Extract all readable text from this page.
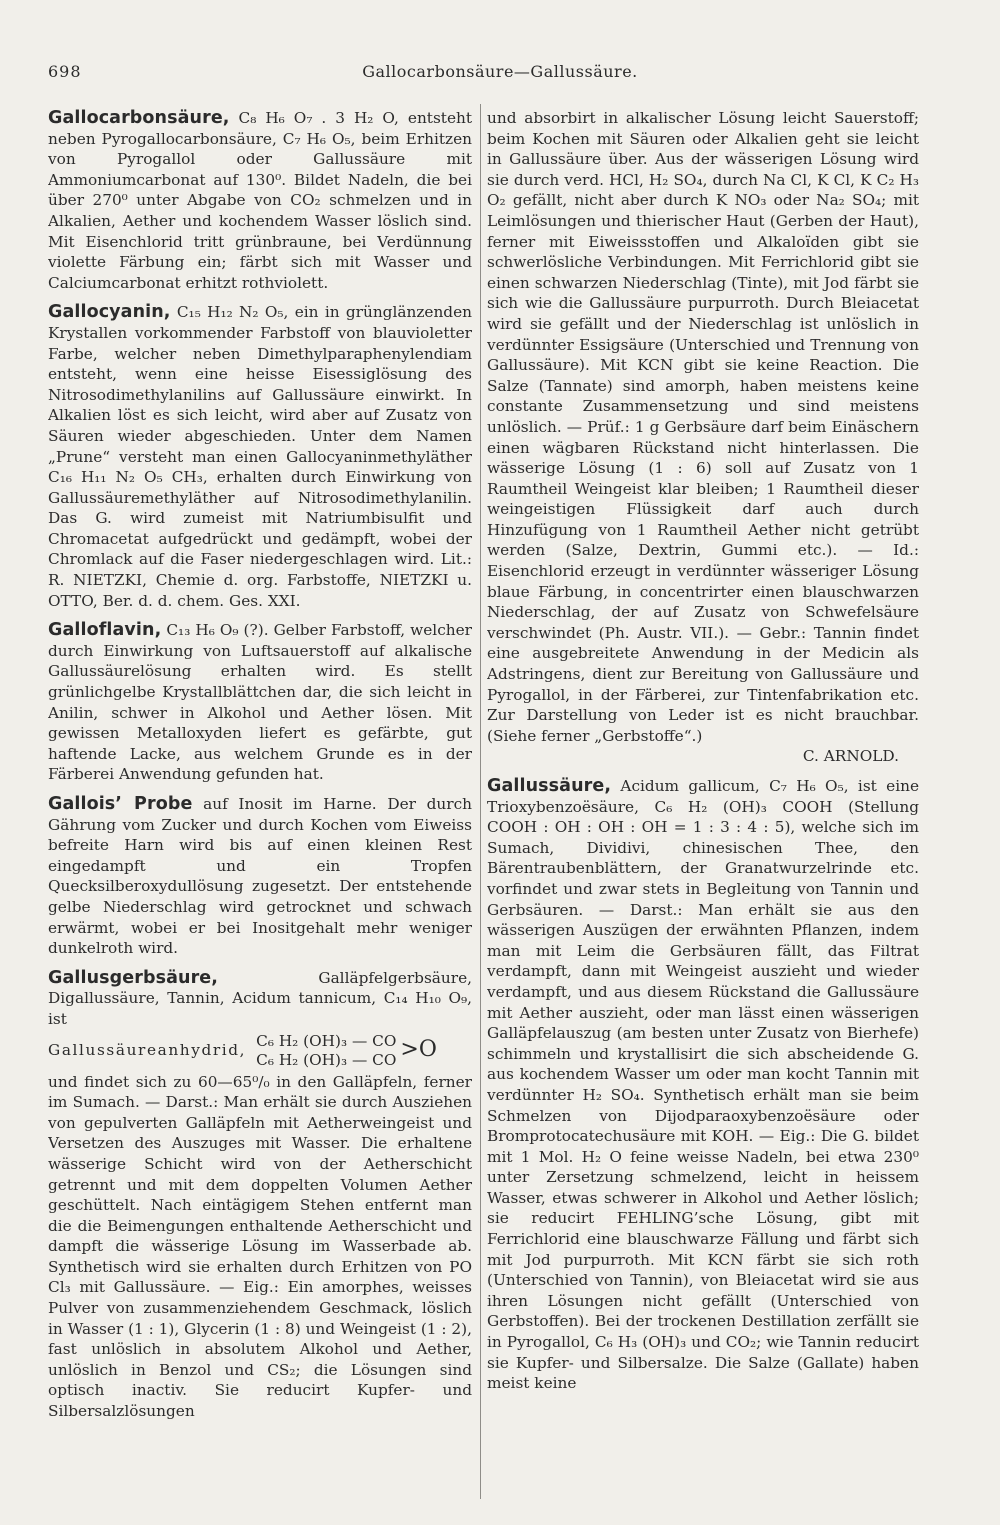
698	Gallocarbonsäure—Gallussäure.

Gallocarbonsäure, C₈ H₆ O₇ . 3 H₂ O, entsteht neben Pyrogallocarbonsäure, C₇ H₆ O₅, beim Erhitzen von Pyrogallol oder Gallussäure mit Ammoniumcarbonat auf 130⁰. Bildet Nadeln, die bei über 270⁰ unter Abgabe von CO₂ schmelzen und in Alkalien, Aether und kochendem Wasser löslich sind. Mit Eisenchlorid tritt grünbraune, bei Verdünnung violette Färbung ein; färbt sich mit Wasser und Calciumcarbonat erhitzt rothviolett.

Gallocyanin, C₁₅ H₁₂ N₂ O₅, ein in grünglänzenden Krystallen vorkommender Farbstoff von blauvioletter Farbe, welcher neben Dimethylparaphenylendiam entsteht, wenn eine heisse Eisessiglösung des Nitrosodimethylanilins auf Gallussäure einwirkt. In Alkalien löst es sich leicht, wird aber auf Zusatz von Säuren wieder abgeschieden. Unter dem Namen „Prune“ versteht man einen Gallocyaninmethyläther C₁₆ H₁₁ N₂ O₅ CH₃, erhalten durch Einwirkung von Gallussäuremethyläther auf Nitrosodimethylanilin. Das G. wird zumeist mit Natriumbisulfit und Chromacetat aufgedrückt und gedämpft, wobei der Chromlack auf die Faser niedergeschlagen wird. Lit.: R. NIETZKI, Chemie d. org. Farbstoffe, NIETZKI u. OTTO, Ber. d. d. chem. Ges. XXI.

Galloflavin, C₁₃ H₆ O₉ (?). Gelber Farbstoff, welcher durch Einwirkung von Luftsauerstoff auf alkalische Gallussäurelösung erhalten wird. Es stellt grünlichgelbe Krystallblättchen dar, die sich leicht in Anilin, schwer in Alkohol und Aether lösen. Mit gewissen Metalloxyden liefert es gefärbte, gut haftende Lacke, aus welchem Grunde es in der Färberei Anwendung gefunden hat.

Gallois’ Probe auf Inosit im Harne. Der durch Gährung vom Zucker und durch Kochen vom Eiweiss befreite Harn wird bis auf einen kleinen Rest eingedampft und ein Tropfen Quecksilberoxydullösung zugesetzt. Der entstehende gelbe Niederschlag wird getrocknet und schwach erwärmt, wobei er bei Inositgehalt mehr weniger dunkelroth wird.

Gallusgerbsäure, Galläpfelgerbsäure, Digallussäure, Tannin, Acidum tannicum, C₁₄ H₁₀ O₉, ist

Gallussäureanhydrid,
C₆ H₂ (OH)₃ — CO
C₆ H₂ (OH)₃ — CO >O

und findet sich zu 60—65⁰/₀ in den Galläpfeln, ferner im Sumach. — Darst.: Man erhält sie durch Ausziehen von gepulverten Galläpfeln mit Aetherweingeist und Versetzen des Auszuges mit Wasser. Die erhaltene wässerige Schicht wird von der Aetherschicht getrennt und mit dem doppelten Volumen Aether geschüttelt. Nach eintägigem Stehen entfernt man die die Beimengungen enthaltende Aetherschicht und dampft die wässerige Lösung im Wasserbade ab. Synthetisch wird sie erhalten durch Erhitzen von PO Cl₃ mit Gallussäure. — Eig.: Ein amorphes, weisses Pulver von zusammenziehendem Geschmack, löslich in Wasser (1 : 1), Glycerin (1 : 8) und Weingeist (1 : 2), fast unlöslich in absolutem Alkohol und Aether, unlöslich in Benzol und CS₂; die Lösungen sind optisch inactiv. Sie reducirt Kupfer- und Silbersalzlösungen

und absorbirt in alkalischer Lösung leicht Sauerstoff; beim Kochen mit Säuren oder Alkalien geht sie leicht in Gallussäure über. Aus der wässerigen Lösung wird sie durch verd. HCl, H₂ SO₄, durch Na Cl, K Cl, K C₂ H₃ O₂ gefällt, nicht aber durch K NO₃ oder Na₂ SO₄; mit Leimlösungen und thierischer Haut (Gerben der Haut), ferner mit Eiweissstoffen und Alkaloïden gibt sie schwerlösliche Verbindungen. Mit Ferrichlorid gibt sie einen schwarzen Niederschlag (Tinte), mit Jod färbt sie sich wie die Gallussäure purpurroth. Durch Bleiacetat wird sie gefällt und der Niederschlag ist unlöslich in verdünnter Essigsäure (Unterschied und Trennung von Gallussäure). Mit KCN gibt sie keine Reaction. Die Salze (Tannate) sind amorph, haben meistens keine constante Zusammensetzung und sind meistens unlöslich. — Prüf.: 1 g Gerbsäure darf beim Einäschern einen wägbaren Rückstand nicht hinterlassen. Die wässerige Lösung (1 : 6) soll auf Zusatz von 1 Raumtheil Weingeist klar bleiben; 1 Raumtheil dieser weingeistigen Flüssigkeit darf auch durch Hinzufügung von 1 Raumtheil Aether nicht getrübt werden (Salze, Dextrin, Gummi etc.). — Id.: Eisenchlorid erzeugt in verdünnter wässeriger Lösung blaue Färbung, in concentrirter einen blauschwarzen Niederschlag, der auf Zusatz von Schwefelsäure verschwindet (Ph. Austr. VII.). — Gebr.: Tannin findet eine ausgebreitete Anwendung in der Medicin als Adstringens, dient zur Bereitung von Gallussäure und Pyrogallol, in der Färberei, zur Tintenfabrikation etc. Zur Darstellung von Leder ist es nicht brauchbar. (Siehe ferner „Gerbstoffe“.)
C. ARNOLD.

Gallussäure, Acidum gallicum, C₇ H₆ O₅, ist eine Trioxybenzoësäure, C₆ H₂ (OH)₃ COOH (Stellung COOH : OH : OH : OH = 1 : 3 : 4 : 5), welche sich im Sumach, Dividivi, chinesischen Thee, den Bärentraubenblättern, der Granatwurzelrinde etc. vorfindet und zwar stets in Begleitung von Tannin und Gerbsäuren. — Darst.: Man erhält sie aus den wässerigen Auszügen der erwähnten Pflanzen, indem man mit Leim die Gerbsäuren fällt, das Filtrat verdampft, dann mit Weingeist auszieht und wieder verdampft, und aus diesem Rückstand die Gallussäure mit Aether auszieht, oder man lässt einen wässerigen Galläpfelauszug (am besten unter Zusatz von Bierhefe) schimmeln und krystallisirt die sich abscheidende G. aus kochendem Wasser um oder man kocht Tannin mit verdünnter H₂ SO₄. Synthetisch erhält man sie beim Schmelzen von Dijodparaoxybenzoësäure oder Bromprotocatechusäure mit KOH. — Eig.: Die G. bildet mit 1 Mol. H₂ O feine weisse Nadeln, bei etwa 230⁰ unter Zersetzung schmelzend, leicht in heissem Wasser, etwas schwerer in Alkohol und Aether löslich; sie reducirt FEHLING’sche Lösung, gibt mit Ferrichlorid eine blauschwarze Fällung und färbt sich mit Jod purpurroth. Mit KCN färbt sie sich roth (Unterschied von Tannin), von Bleiacetat wird sie aus ihren Lösungen nicht gefällt (Unterschied von Gerbstoffen). Bei der trockenen Destillation zerfällt sie in Pyrogallol, C₆ H₃ (OH)₃ und CO₂; wie Tannin reducirt sie Kupfer- und Silbersalze. Die Salze (Gallate) haben meist keine
